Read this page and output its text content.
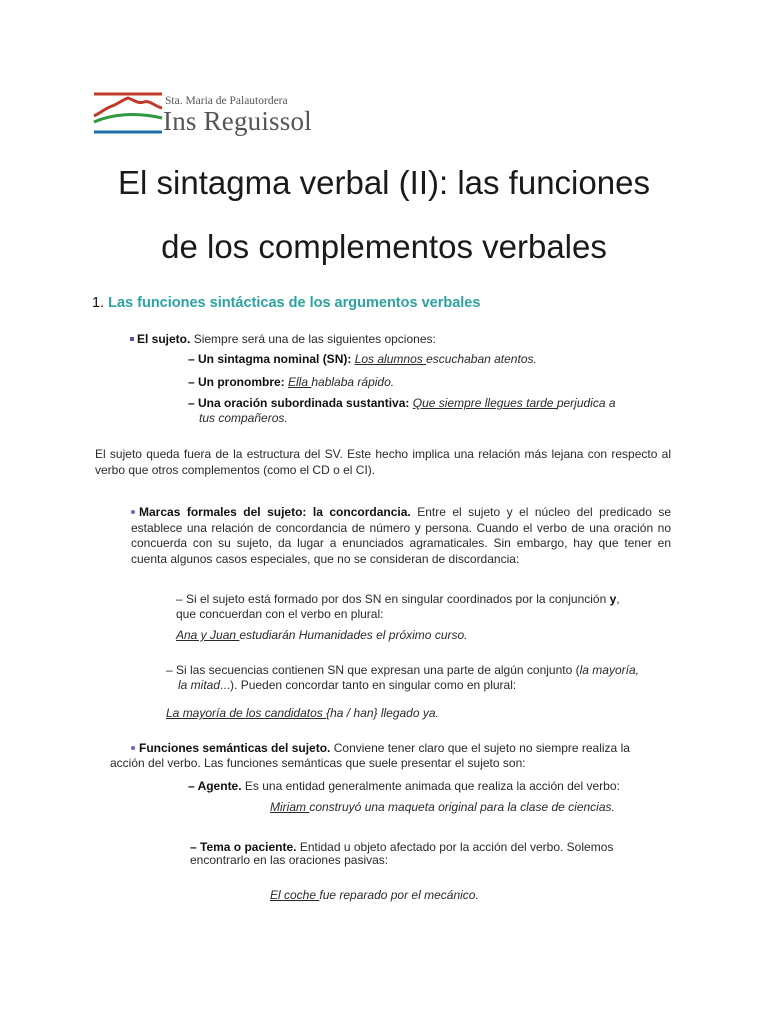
Sta. Maria de Palautordera
Ins Reguissol
El sintagma verbal (II): las funciones
de los complementos verbales
1. Las funciones sintácticas de los argumentos verbales
El sujeto. Siempre será una de las siguientes opciones:
– Un sintagma nominal (SN): Los alumnos escuchaban atentos.
– Un pronombre: Ella hablaba rápido.
– Una oración subordinada sustantiva: Que siempre llegues tarde perjudica a
tus compañeros.
El sujeto queda fuera de la estructura del SV. Este hecho implica una relación más lejana con respecto al verbo que otros complementos (como el CD o el CI).
Marcas formales del sujeto: la concordancia. Entre el sujeto y el núcleo del predicado se establece una relación de concordancia de número y persona. Cuando el verbo de una oración no concuerda con su sujeto, da lugar a enunciados agramaticales. Sin embargo, hay que tener en cuenta algunos casos especiales, que no se consideran de discordancia:
– Si el sujeto está formado por dos SN en singular coordinados por la conjunción y,
que concuerdan con el verbo en plural:
Ana y Juan estudiarán Humanidades el próximo curso.
– Si las secuencias contienen SN que expresan una parte de algún conjunto (la mayoría,
la mitad...). Pueden concordar tanto en singular como en plural:
La mayoría de los candidatos {ha / han} llegado ya.
Funciones semánticas del sujeto. Conviene tener claro que el sujeto no siempre realiza la
acción del verbo. Las funciones semánticas que suele presentar el sujeto son:
– Agente. Es una entidad generalmente animada que realiza la acción del verbo:
Miriam construyó una maqueta original para la clase de ciencias.
– Tema o paciente. Entidad u objeto afectado por la acción del verbo. Solemos
encontrarlo en las oraciones pasivas:
El coche fue reparado por el mecánico.
